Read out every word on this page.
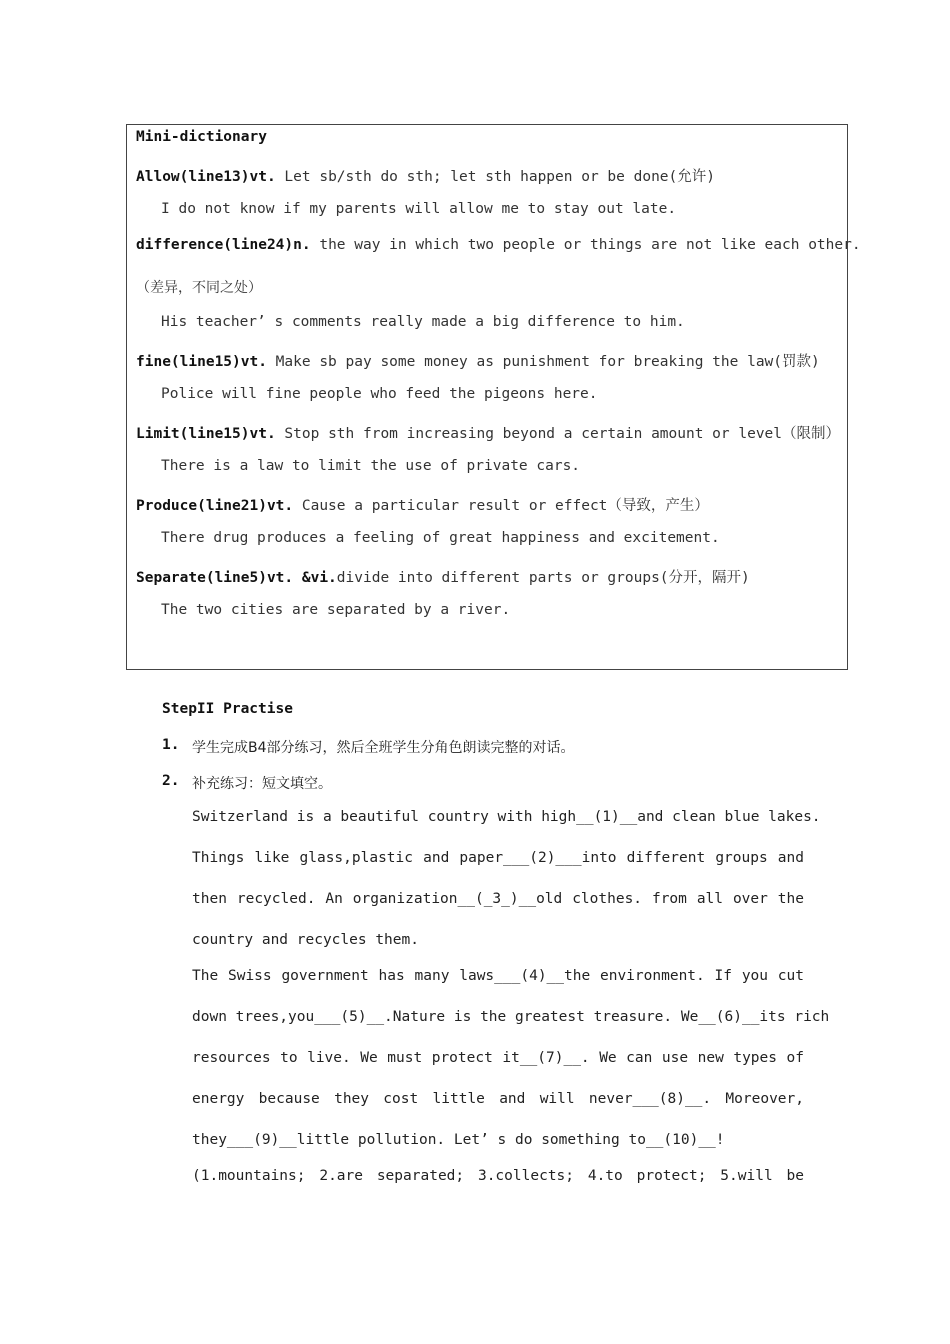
Mini-dictionary
Allow(line13)vt. Let sb/sth do sth; let sth happen or be done(允许)
I do not know if my parents will allow me to stay out late.
difference(line24)n. the way in which two people or things are not like each other.
（差异，不同之处）
His teacher’ s comments really made a big difference to him.
fine(line15)vt. Make sb pay some money as punishment for breaking the law(罚款)
Police will fine people who feed the pigeons here.
Limit(line15)vt. Stop sth from increasing beyond a certain amount or level（限制）
There is a law to limit the use of private cars.
Produce(line21)vt. Cause a particular result or effect（导致，产生）
There drug produces a feeling of great happiness and excitement.
Separate(line5)vt. &vi.divide into different parts or groups(分开，隔开)
The two cities are separated by a river.
StepII Practise
1. 学生完成B4部分练习，然后全班学生分角色朗读完整的对话。
2. 补充练习：短文填空。
Switzerland is a beautiful country with high__(1)__and clean blue lakes.
Things like glass,plastic and paper___(2)___into different groups and
then recycled. An organization__(_3_)__old clothes. from all over the
country and recycles them.
The Swiss government has many laws___(4)__the environment. If you cut
down trees,you___(5)__.Nature is the greatest treasure. We__(6)__its rich
resources to live. We must protect it__(7)__. We can use new types of
energy because they cost little and will never___(8)__. Moreover,
they___(9)__little pollution. Let’ s do something to__(10)__!
(1.mountains; 2.are separated; 3.collects; 4.to protect; 5.will be
